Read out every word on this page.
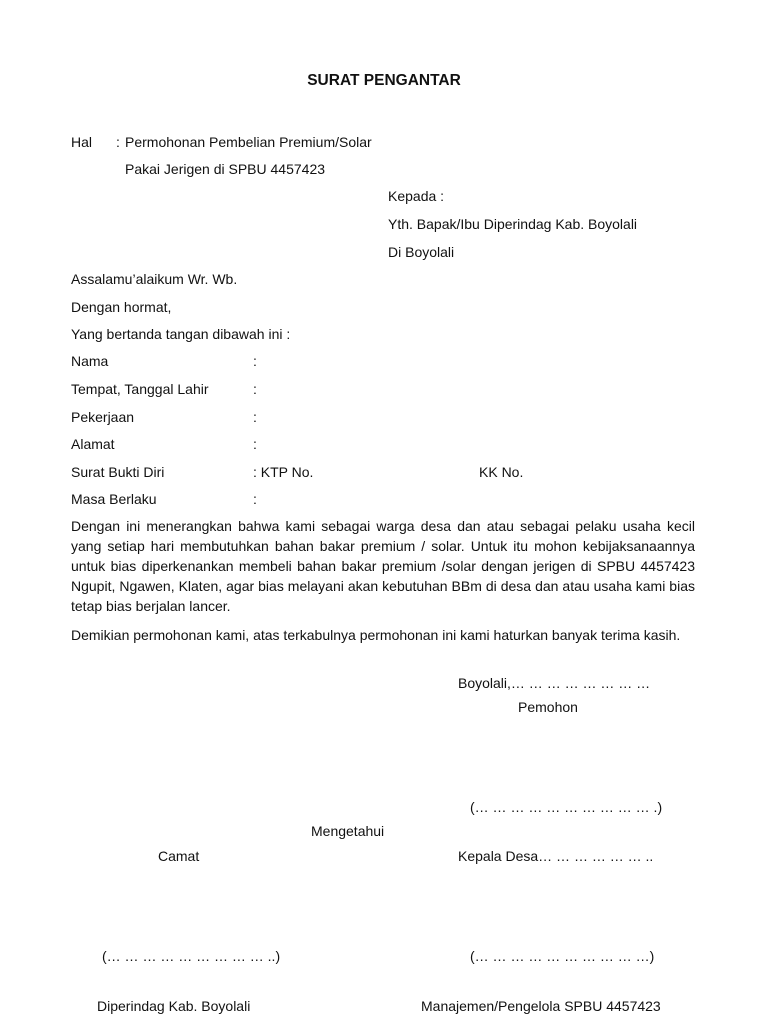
SURAT PENGANTAR
Hal : Permohonan Pembelian Premium/Solar
Pakai Jerigen di SPBU 4457423
Kepada :
Yth. Bapak/Ibu Diperindag Kab. Boyolali
Di Boyolali
Assalamu’alaikum Wr. Wb.
Dengan hormat,
Yang bertanda tangan dibawah ini :
Nama	:
Tempat, Tanggal Lahir	:
Pekerjaan	:
Alamat	:
Surat Bukti Diri	: KTP No.	KK No.
Masa Berlaku	:
Dengan ini menerangkan bahwa kami sebagai warga desa dan atau sebagai pelaku usaha kecil yang setiap hari membutuhkan bahan bakar premium / solar. Untuk itu mohon kebijaksanaannya untuk bias diperkenankan membeli bahan bakar premium /solar dengan jerigen di SPBU 4457423 Ngupit, Ngawen, Klaten, agar bias melayani akan kebutuhan BBm di desa dan atau usaha kami bias tetap bias berjalan lancer.
Demikian permohonan kami, atas terkabulnya permohonan ini kami haturkan banyak terima kasih.
Boyolali,… … … … … … … …
Pemohon
(… … … … … … … … … … .)
Mengetahui
Camat	Kepala Desa… … … … … … ..
(… … … … … … … … … ..)	(… … … … … … … … … …)
Diperindag Kab. Boyolali	Manajemen/Pengelola SPBU 4457423
